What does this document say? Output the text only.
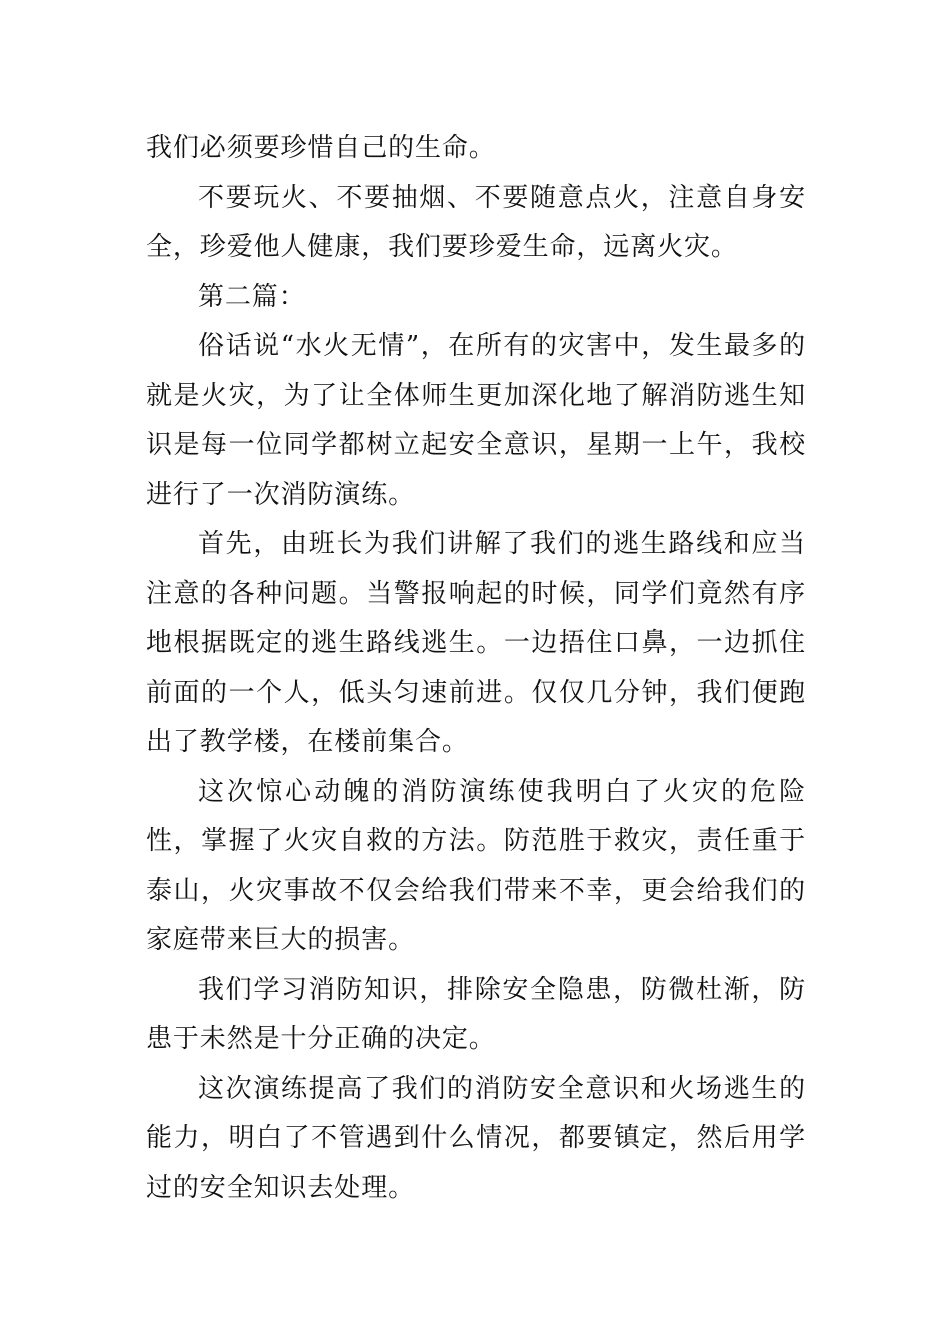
我们必须要珍惜自己的生命。

不要玩火、不要抽烟、不要随意点火，注意自身安全，珍爱他人健康，我们要珍爱生命，远离火灾。

第二篇：

俗话说“水火无情”，在所有的灾害中，发生最多的就是火灾，为了让全体师生更加深化地了解消防逃生知识是每一位同学都树立起安全意识，星期一上午，我校进行了一次消防演练。

首先，由班长为我们讲解了我们的逃生路线和应当注意的各种问题。当警报响起的时候，同学们竟然有序地根据既定的逃生路线逃生。一边捂住口鼻，一边抓住前面的一个人，低头匀速前进。仅仅几分钟，我们便跑出了教学楼，在楼前集合。

这次惊心动魄的消防演练使我明白了火灾的危险性，掌握了火灾自救的方法。防范胜于救灾，责任重于泰山，火灾事故不仅会给我们带来不幸，更会给我们的家庭带来巨大的损害。

我们学习消防知识，排除安全隐患，防微杜渐，防患于未然是十分正确的决定。

这次演练提高了我们的消防安全意识和火场逃生的能力，明白了不管遇到什么情况，都要镇定，然后用学过的安全知识去处理。
